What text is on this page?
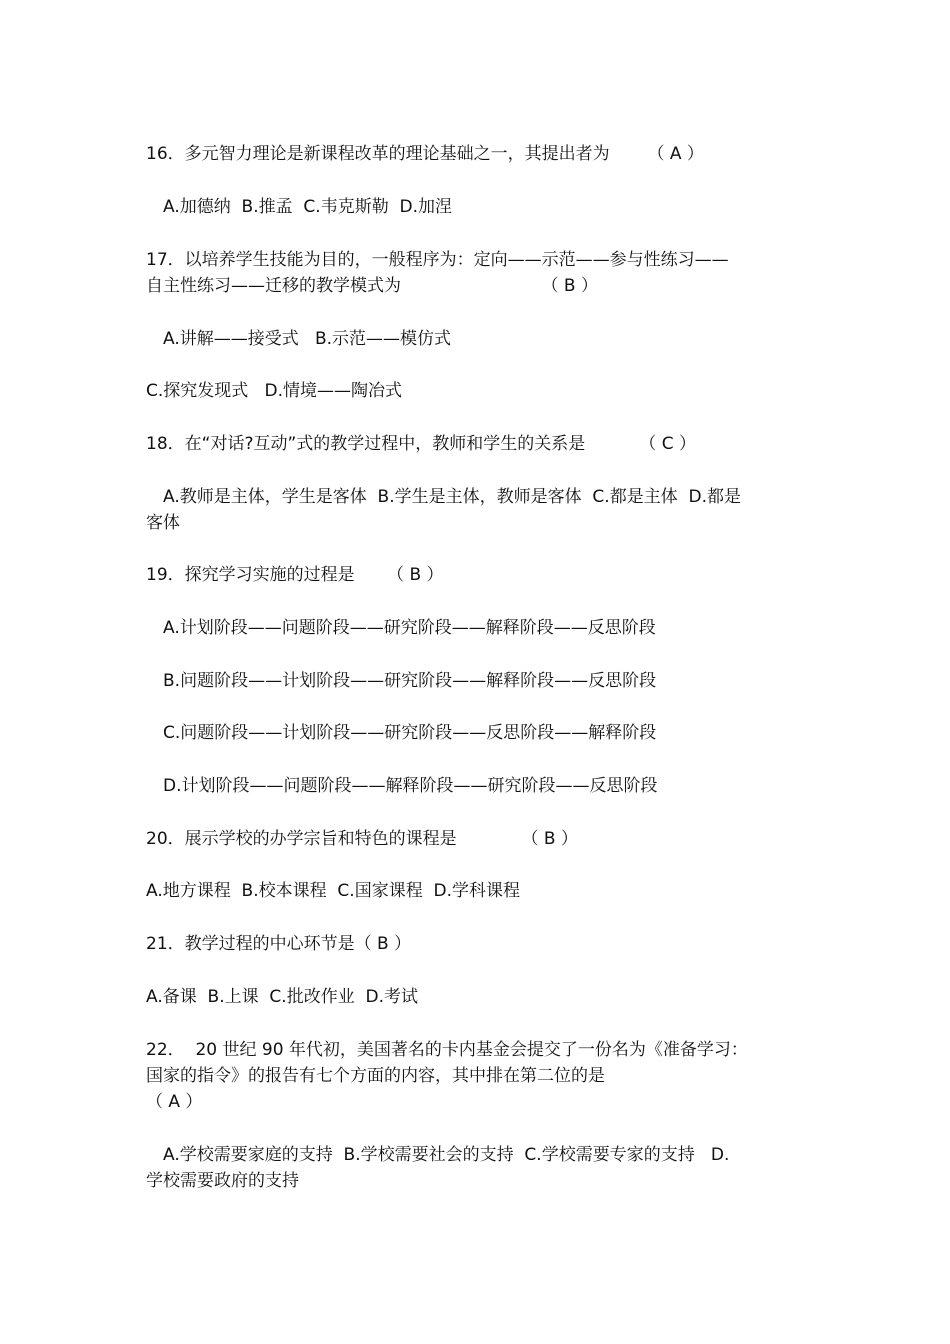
16．多元智力理论是新课程改革的理论基础之一，其提出者为       （ A ）
A.加德纳  B.推孟  C.韦克斯勒  D.加涅
17．以培养学生技能为目的，一般程序为：定向——示范——参与性练习——
自主性练习——迁移的教学模式为                          （ B ）
A.讲解——接受式   B.示范——模仿式
C.探究发现式   D.情境——陶冶式
18．在“对话?互动”式的教学过程中，教师和学生的关系是          （ C ）
A.教师是主体，学生是客体  B.学生是主体，教师是客体  C.都是主体  D.都是
客体
19．探究学习实施的过程是      （ B ）
A.计划阶段——问题阶段——研究阶段——解释阶段——反思阶段
B.问题阶段——计划阶段——研究阶段——解释阶段——反思阶段
C.问题阶段——计划阶段——研究阶段——反思阶段——解释阶段
D.计划阶段——问题阶段——解释阶段——研究阶段——反思阶段
20．展示学校的办学宗旨和特色的课程是            （ B ）
A.地方课程  B.校本课程  C.国家课程  D.学科课程
21．教学过程的中心环节是（ B ）
A.备课  B.上课  C.批改作业  D.考试
22．  20 世纪 90 年代初，美国著名的卡内基金会提交了一份名为《准备学习：
国家的指令》的报告有七个方面的内容，其中排在第二位的是
（ A ）
A.学校需要家庭的支持  B.学校需要社会的支持  C.学校需要专家的支持   D.
学校需要政府的支持
